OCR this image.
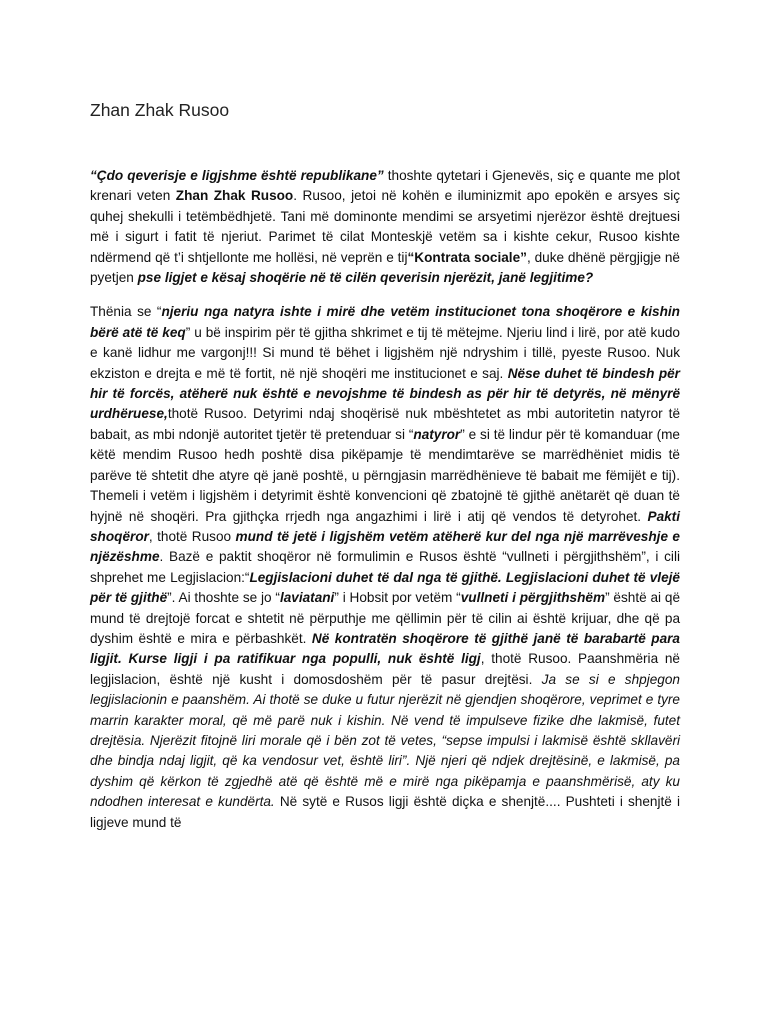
Zhan Zhak Rusoo

“Çdo qeverisje e ligjshme është republikane” thoshte qytetari i Gjenevës, siç e quante me plot krenari veten Zhan Zhak Rusoo. Rusoo, jetoi në kohën e iluminizmit apo epokën e arsyes siç quhej shekulli i tetëmbëdhjetë. Tani më dominonte mendimi se arsyetimi njerëzor është drejtuesi më i sigurt i fatit të njeriut. Parimet të cilat Monteskjë vetëm sa i kishte cekur, Rusoo kishte ndërmend që t’i shtjellonte me hollësi, në veprën e tij“Kontrata sociale”, duke dhënë përgjigje në pyetjen pse ligjet e kësaj shoqërie në të cilën qeverisin njerëzit, janë legjitime?

Thënia se “njeriu nga natyra ishte i mirë dhe vetëm institucionet tona shoqërore e kishin bërë atë të keq” u bë inspirim për të gjitha shkrimet e tij të mëtejme. Njeriu lind i lirë, por atë kudo e kanë lidhur me vargonj!!! Si mund të bëhet i ligjshëm një ndryshim i tillë, pyeste Rusoo. Nuk ekziston e drejta e më të fortit, në një shoqëri me institucionet e saj. Nëse duhet të bindesh për hir të forcës, atëherë nuk është e nevojshme të bindesh as për hir të detyrës, në mënyrë urdhëruese,thotë Rusoo. Detyrimi ndaj shoqërisë nuk mbështetet as mbi autoritetin natyror të babait, as mbi ndonjë autoritet tjetër të pretenduar si “natyror” e si të lindur për të komanduar (me këtë mendim Rusoo hedh poshtë disa pikëpamje të mendimtarëve se marrëdhëniet midis të parëve të shtetit dhe atyre që janë poshtë, u përngjasin marrëdhënieve të babait me fëmijët e tij). Themeli i vetëm i ligjshëm i detyrimit është konvencioni që zbatojnë të gjithë anëtarët që duan të hyjnë në shoqëri. Pra gjithçka rrjedh nga angazhimi i lirë i atij që vendos të detyrohet. Pakti shoqëror, thotë Rusoo mund të jetë i ligjshëm vetëm atëherë kur del nga një marrëveshje e njëzëshme. Bazë e paktit shoqëror në formulimin e Rusos është “vullneti i përgjithshëm”, i cili shprehet me Legjislacion:“Legjislacioni duhet të dal nga të gjithë. Legjislacioni duhet të vlejë për të gjithë”. Ai thoshte se jo “laviatani” i Hobsit por vetëm “vullneti i përgjithshëm” është ai që mund të drejtojë forcat e shtetit në përputhje me qëllimin për të cilin ai është krijuar, dhe që pa dyshim është e mira e përbashkët. Në kontratën shoqërore të gjithë janë të barabartë para ligjit. Kurse ligji i pa ratifikuar nga populli, nuk është ligj, thotë Rusoo. Paanshmëria në legjislacion, është një kusht i domosdoshëm për të pasur drejtësi. Ja se si e shpjegon legjislacionin e paanshëm. Ai thotë se duke u futur njerëzit në gjendjen shoqërore, veprimet e tyre marrin karakter moral, që më parë nuk i kishin. Në vend të impulseve fizike dhe lakmisë, futet drejtësia. Njerëzit fitojnë liri morale që i bën zot të vetes, “sepse impulsi i lakmisë është skllavëri dhe bindja ndaj ligjit, që ka vendosur vet, është liri”. Një njeri që ndjek drejtësinë, e lakmisë, pa dyshim që kërkon të zgjedhë atë që është më e mirë nga pikëpamja e paanshmërisë, aty ku ndodhen interesat e kundërta. Në sytë e Rusos ligji është diçka e shenjtë.... Pushteti i shenjtë i ligjeve mund të
